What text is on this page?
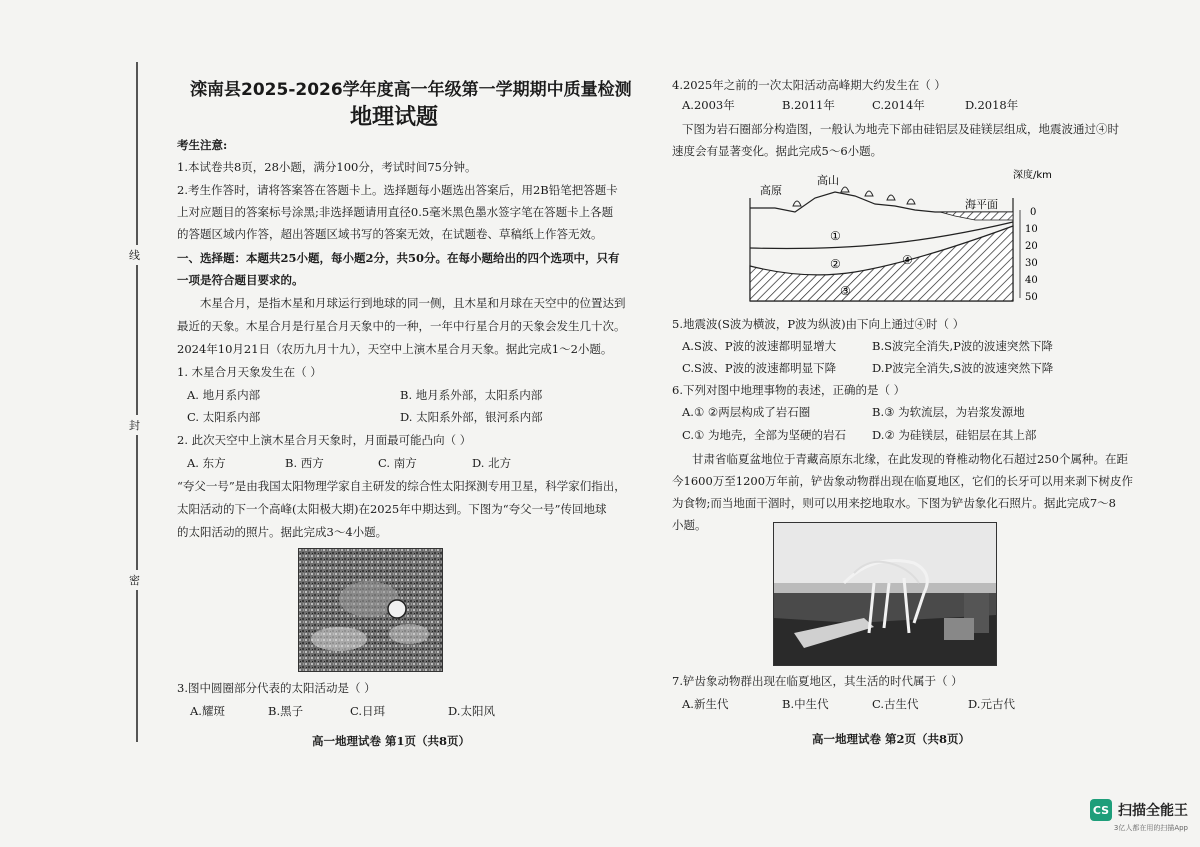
线
封
密
滦南县2025-2026学年度高一年级第一学期期中质量检测
地理试题
考生注意:
1.本试卷共8页，28小题，满分100分，考试时间75分钟。
2.考生作答时，请将答案答在答题卡上。选择题每小题选出答案后，用2B铅笔把答题卡
上对应题目的答案标号涂黑;非选择题请用直径0.5毫米黑色墨水签字笔在答题卡上各题
的答题区域内作答，超出答题区域书写的答案无效，在试题卷、草稿纸上作答无效。
一、选择题：本题共25小题，每小题2分，共50分。在每小题给出的四个选项中，只有
一项是符合题目要求的。
木星合月，是指木星和月球运行到地球的同一侧，且木星和月球在天空中的位置达到
最近的天象。木星合月是行星合月天象中的一种，一年中行星合月的天象会发生几十次。
2024年10月21日（农历九月十九），天空中上演木星合月天象。据此完成1～2小题。
1. 木星合月天象发生在（ ）
A. 地月系内部	B. 地月系外部，太阳系内部
C. 太阳系内部	D. 太阳系外部，银河系内部
2. 此次天空中上演木星合月天象时，月面最可能凸向（ ）
A. 东方	B. 西方	C. 南方	D. 北方
“夸父一号”是由我国太阳物理学家自主研发的综合性太阳探测专用卫星，科学家们指出，
太阳活动的下一个高峰(太阳极大期)在2025年中期达到。下图为“夸父一号”传回地球
的太阳活动的照片。据此完成3～4小题。
3.图中圆圈部分代表的太阳活动是（ ）
A.耀斑	B.黑子	C.日珥	D.太阳风
高一地理试卷 第1页（共8页）
4.2025年之前的一次太阳活动高峰期大约发生在（ ）
A.2003年	B.2011年	C.2014年	D.2018年
下图为岩石圈部分构造图，一般认为地壳下部由硅铝层及硅镁层组成，地震波通过④时
速度会有显著变化。据此完成5～6小题。
高原
高山
海平面
深度/km
①
②
③
④
0
10
20
30
40
50
5.地震波(S波为横波，P波为纵波)由下向上通过④时（ ）
A.S波、P波的波速都明显增大	B.S波完全消失,P波的波速突然下降
C.S波、P波的波速都明显下降	D.P波完全消失,S波的波速突然下降
6.下列对图中地理事物的表述，正确的是（ ）
A.① ②两层构成了岩石圈	B.③ 为软流层，为岩浆发源地
C.① 为地壳，全部为坚硬的岩石 D.② 为硅镁层，硅铝层在其上部
甘肃省临夏盆地位于青藏高原东北缘，在此发现的脊椎动物化石超过250个属种。在距
今1600万至1200万年前，铲齿象动物群出现在临夏地区，它们的长牙可以用来剥下树皮作
为食物;而当地面干涸时，则可以用来挖地取水。下图为铲齿象化石照片。据此完成7～8
小题。
7.铲齿象动物群出现在临夏地区，其生活的时代属于（ ）
A.新生代	B.中生代	C.古生代	D.元古代
高一地理试卷 第2页（共8页）
CS 扫描全能王
3亿人都在用的扫描App
